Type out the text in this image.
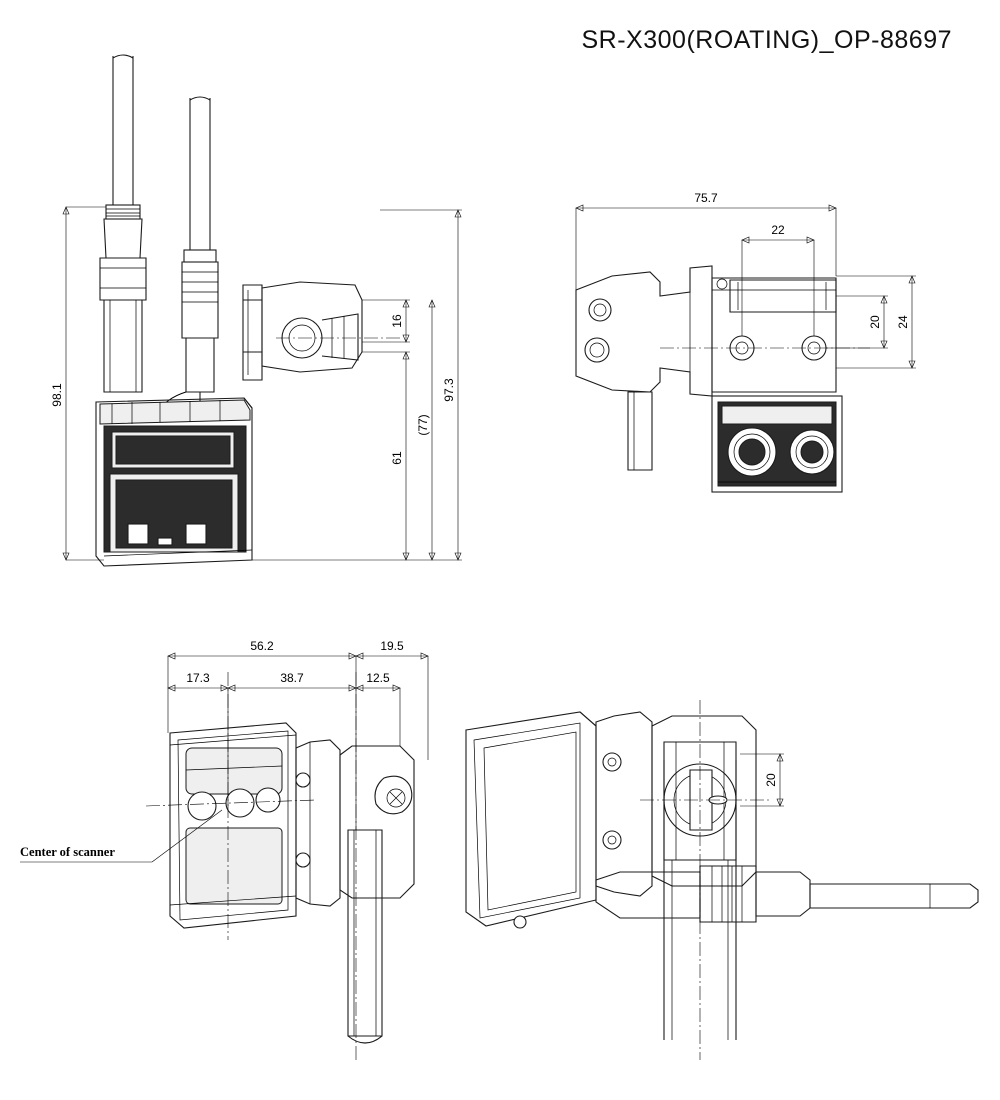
SR-X300(ROATING)_OP-88697
98.1	97.3
(77)
61
16
75.7
22
20 24
56.2	19.5
17.3	38.7	12.5
Center of scanner
20
